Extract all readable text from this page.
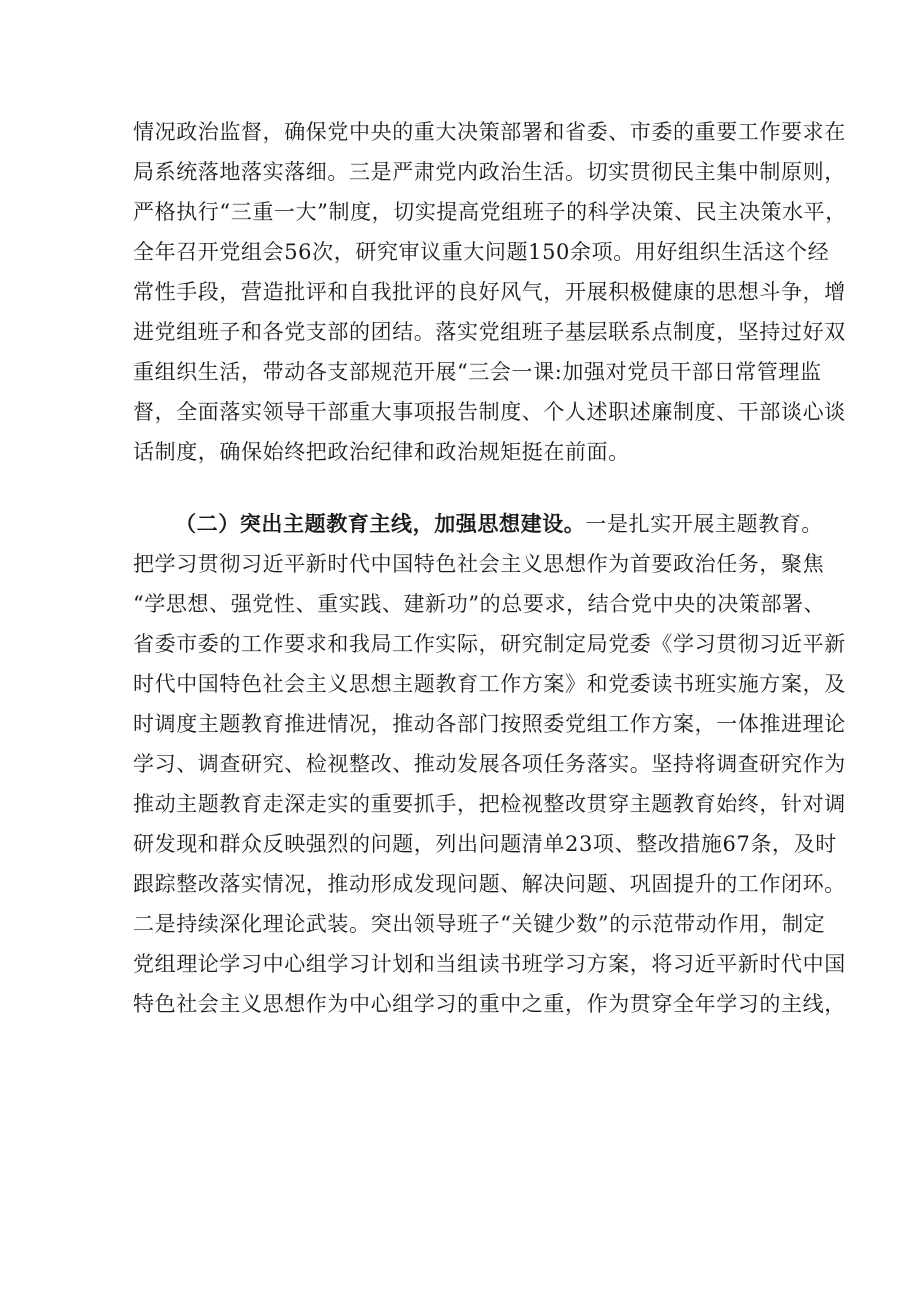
情况政治监督，确保党中央的重大决策部署和省委、市委的重要工作要求在
局系统落地落实落细。三是严肃党内政治生活。切实贯彻民主集中制原则，
严格执行“三重一大”制度，切实提高党组班子的科学决策、民主决策水平，
全年召开党组会56次，研究审议重大问题150余项。用好组织生活这个经
常性手段，营造批评和自我批评的良好风气，开展积极健康的思想斗争，增
进党组班子和各党支部的团结。落实党组班子基层联系点制度，坚持过好双
重组织生活，带动各支部规范开展“三会一课:加强对党员干部日常管理监
督，全面落实领导干部重大事项报告制度、个人述职述廉制度、干部谈心谈
话制度，确保始终把政治纪律和政治规矩挺在前面。
（二）突出主题教育主线，加强思想建设。一是扎实开展主题教育。
把学习贯彻习近平新时代中国特色社会主义思想作为首要政治任务，聚焦
“学思想、强党性、重实践、建新功”的总要求，结合党中央的决策部署、
省委市委的工作要求和我局工作实际，研究制定局党委《学习贯彻习近平新
时代中国特色社会主义思想主题教育工作方案》和党委读书班实施方案，及
时调度主题教育推进情况，推动各部门按照委党组工作方案，一体推进理论
学习、调查研究、检视整改、推动发展各项任务落实。坚持将调查研究作为
推动主题教育走深走实的重要抓手，把检视整改贯穿主题教育始终，针对调
研发现和群众反映强烈的问题，列出问题清单23项、整改措施67条，及时
跟踪整改落实情况，推动形成发现问题、解决问题、巩固提升的工作闭环。
二是持续深化理论武装。突出领导班子“关键少数”的示范带动作用，制定
党组理论学习中心组学习计划和当组读书班学习方案，将习近平新时代中国
特色社会主义思想作为中心组学习的重中之重，作为贯穿全年学习的主线，
